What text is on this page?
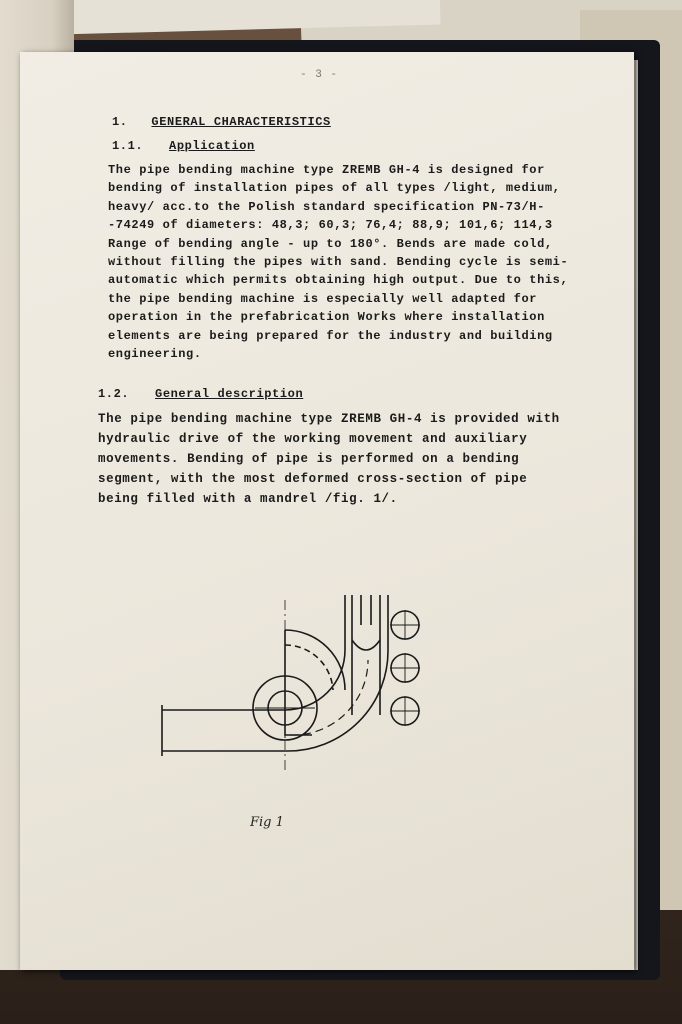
- 3 -
1. GENERAL CHARACTERISTICS
1.1. Application
The pipe bending machine type ZREMB GH-4 is designed for
bending of installation pipes of all types /light, medium,
heavy/ acc.to the Polish standard specification PN-73/H-
-74249 of diameters: 48,3; 60,3; 76,4; 88,9; 101,6; 114,3
Range of bending angle - up to 180°. Bends are made cold,
without filling the pipes with sand. Bending cycle is semi-
automatic which permits obtaining high output. Due to this,
the pipe bending machine is especially well adapted for
operation in the prefabrication Works where installation
elements are being prepared for the industry and building
engineering.
1.2. General description
The pipe bending machine type ZREMB GH-4 is provided with
hydraulic drive of the working movement and auxiliary
movements. Bending of pipe is performed on a bending
segment, with the most deformed cross-section of pipe
being filled with a mandrel /fig. 1/.
Fig 1
